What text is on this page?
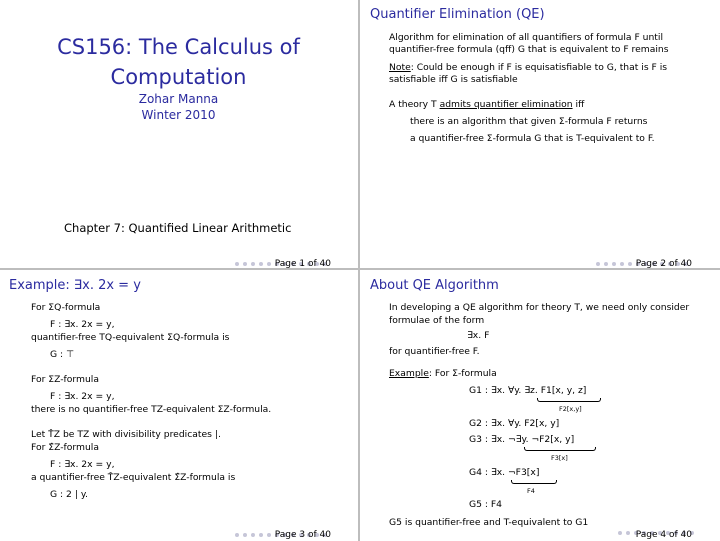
CS156: The Calculus of
Computation
Zohar Manna
Winter 2010
Chapter 7: Quantified Linear Arithmetic
Page 1 of 40
Quantifier Elimination (QE)
Algorithm for elimination of all quantifiers of formula F until
quantifier-free formula (qff) G that is equivalent to F remains
Note: Could be enough if F is equisatisfiable to G, that is F is
satisfiable iff G is satisfiable
A theory T admits quantifier elimination iff
there is an algorithm that given Σ-formula F returns
a quantifier-free Σ-formula G that is T-equivalent to F.
Page 2 of 40
Example: ∃x. 2x = y
For ΣQ-formula
F : ∃x. 2x = y,
quantifier-free TQ-equivalent ΣQ-formula is
G : ⊤
For ΣZ-formula
F : ∃x. 2x = y,
there is no quantifier-free TZ-equivalent ΣZ-formula.
Let T̂Z be TZ with divisibility predicates |.
For Σ̂Z-formula
F : ∃x. 2x = y,
a quantifier-free T̂Z-equivalent Σ̂Z-formula is
G : 2 | y.
Page 3 of 40
About QE Algorithm
In developing a QE algorithm for theory T, we need only consider
formulae of the form
∃x. F
for quantifier-free F.
Example: For Σ-formula
G1 : ∃x. ∀y. ∃z. F1[x, y, z]
F2[x,y]
G2 : ∃x. ∀y. F2[x, y]
G3 : ∃x. ¬∃y. ¬F2[x, y]
F3[x]
G4 : ∃x. ¬F3[x]
F4
G5 : F4
G5 is quantifier-free and T-equivalent to G1
Page 4 of 40
